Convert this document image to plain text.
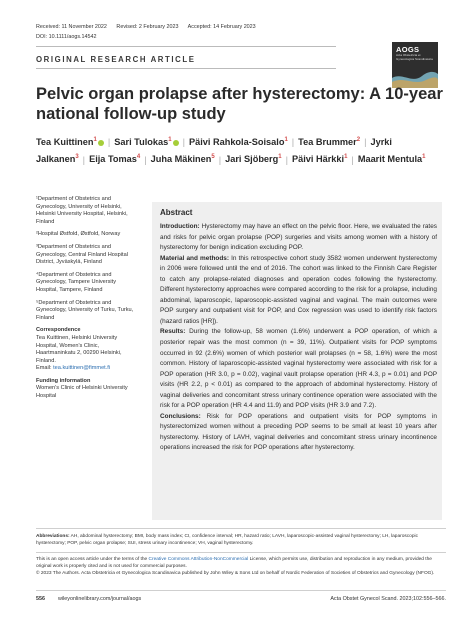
Received: 11 November 2022 Revised: 2 February 2023 Accepted: 14 February 2023
DOI: 10.1111/aogs.14542
ORIGINAL RESEARCH ARTICLE
AOGS
Acta Obstetricia et Gynecologica Scandinavica
Pelvic organ prolapse after hysterectomy: A 10-year national follow-up study
Tea Kuittinen$^1$ | Sari Tulokas$^1$ | Päivi Rahkola-Soisalo$^1$ | Tea Brummer$^2$ | Jyrki Jalkanen$^3$ | Eija Tomas$^4$ | Juha Mäkinen$^5$ | Jari Sjöberg$^1$ | Päivi Härkki$^1$ | Maarit Mentula$^1$

¹Department of Obstetrics and Gynecology, University of Helsinki, Helsinki University Hospital, Helsinki, Finland

²Hospital Østfold, Østfold, Norway

³Department of Obstetrics and Gynecology, Central Finland Hospital District, Jyväskylä, Finland

⁴Department of Obstetrics and Gynecology, Tampere University Hospital, Tampere, Finland

⁵Department of Obstetrics and Gynecology, University of Turku, Turku, Finland

Correspondence

Tea Kuittinen, Helsinki University Hospital, Women's Clinic, Haartmaninkatu 2, 00290 Helsinki, Finland.
Email: tea.kuittinen@fimmet.fi

Funding information

Women's Clinic of Helsinki University Hospital

Abstract

Introduction: Hysterectomy may have an effect on the pelvic floor. Here, we evaluated the rates and risks for pelvic organ prolapse (POP) surgeries and visits among women with a history of hysterectomy for benign indication excluding POP.

Material and methods: In this retrospective cohort study 3582 women underwent hysterectomy in 2006 were followed until the end of 2016. The cohort was linked to the Finnish Care Register to catch any prolapse-related diagnoses and operation codes following the hysterectomy. Different hysterectomy approaches were compared according to the risk for a prolapse, including abdominal, laparoscopic, laparoscopic-assisted vaginal and vaginal. The main outcomes were POP surgery and outpatient visit for POP, and Cox regression was used to identify risk factors (hazard ratios [HR]).

Results: During the follow-up, 58 women (1.6%) underwent a POP operation, of which a posterior repair was the most common (n = 39, 11%). Outpatient visits for POP symptoms occurred in 92 (2.6%) women of which posterior wall prolapses (n = 58, 1.6%) were the most common. History of laparoscopic-assisted vaginal hysterectomy were associated with risk for a POP operation (HR 3.0, p = 0.02), vaginal vault prolapse operation (HR 4.3, p = 0.01) and POP visits (HR 2.2, p < 0.01) as compared to the approach of abdominal hysterectomy. History of vaginal deliveries and concomitant stress urinary continence operation were associated with the risk for a POP operation (HR 4.4 and 11.9) and POP visits (HR 3.9 and 7.2).

Conclusions: Risk for POP operations and outpatient visits for POP symptoms in hysterectomized women without a preceding POP seems to be small at least 10 years after hysterectomy. History of LAVH, vaginal deliveries and concomitant stress urinary incontinence operations increased the risk for POP operations after hysterectomy.

Abbreviations: AH, abdominal hysterectomy; BMI, body mass index; CI, confidence interval; HR, hazard ratio; LAVH, laparoscopic-assisted vaginal hysterectomy; LH, laparoscopic hysterectomy; POP, pelvic organ prolapse; SUI, stress urinary incontinence; VH, vaginal hysterectomy.
This is an open access article under the terms of the Creative Commons Attribution-NonCommercial License, which permits use, distribution and reproduction in any medium, provided the original work is properly cited and is not used for commercial purposes.
© 2023 The Authors. Acta Obstetricia et Gynecologica Scandinavica published by John Wiley & Sons Ltd on behalf of Nordic Federation of Societies of Obstetrics and Gynecology (NFOG).
556 wileyonlinelibrary.com/journal/aogs	Acta Obstet Gynecol Scand. 2023;102:556–566.
